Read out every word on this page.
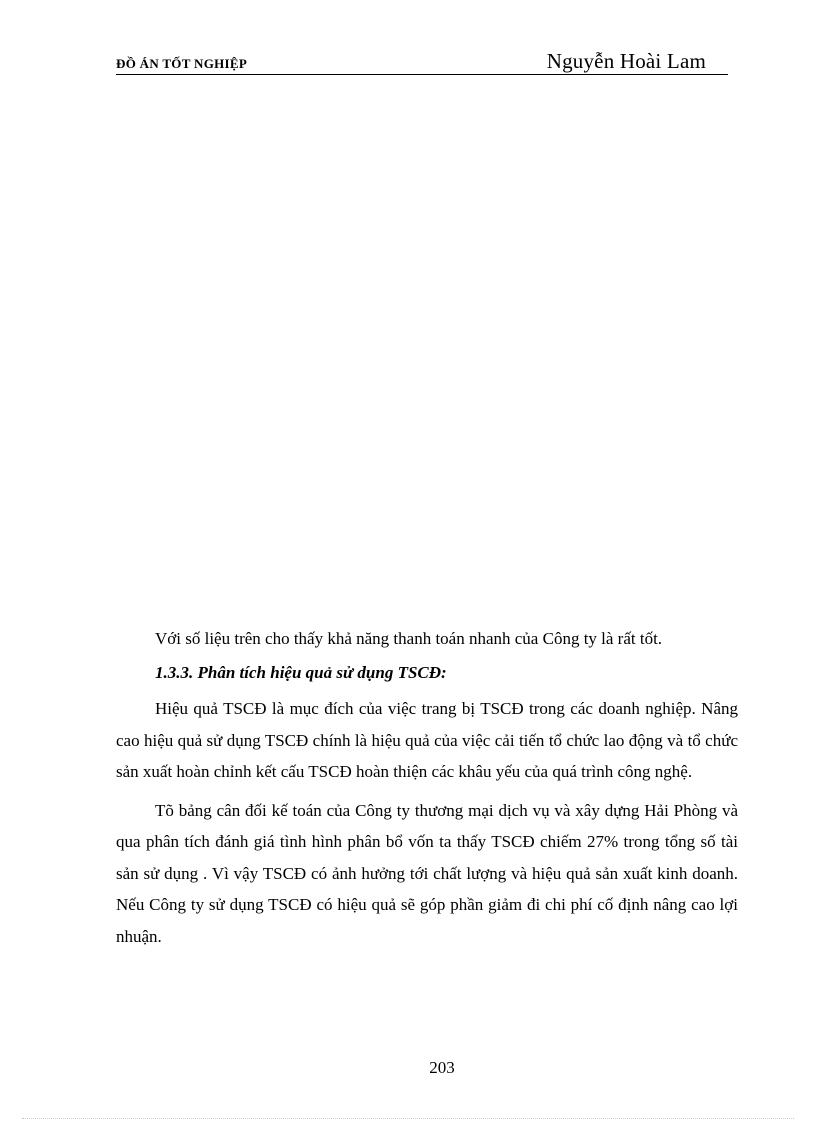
ĐỒ ÁN TỐT NGHIỆP	Nguyễn Hoài Lam

Với số liệu trên cho thấy khả năng thanh toán nhanh của Công ty là rất tốt.

1.3.3. Phân tích hiệu quả sử dụng TSCĐ:

Hiệu quả TSCĐ là mục đích của việc trang bị TSCĐ trong các doanh nghiệp. Nâng cao hiệu quả sử dụng TSCĐ chính là hiệu quả của việc cải tiến tổ chức lao động và tổ chức sản xuất hoàn chỉnh kết cấu TSCĐ hoàn thiện các khâu yếu của quá trình công nghệ.

Tõ bảng cân đối kế toán của Công ty thương mại dịch vụ và xây dựng Hải Phòng và qua phân tích đánh giá tình hình phân bổ vốn ta thấy TSCĐ chiếm 27% trong tổng số tài sản sử dụng . Vì vậy TSCĐ có ảnh hưởng tới chất lượng và hiệu quả sản xuất kinh doanh. Nếu Công ty sử dụng TSCĐ có hiệu quả sẽ góp phần giảm đi chi phí cố định nâng cao lợi nhuận.

203
